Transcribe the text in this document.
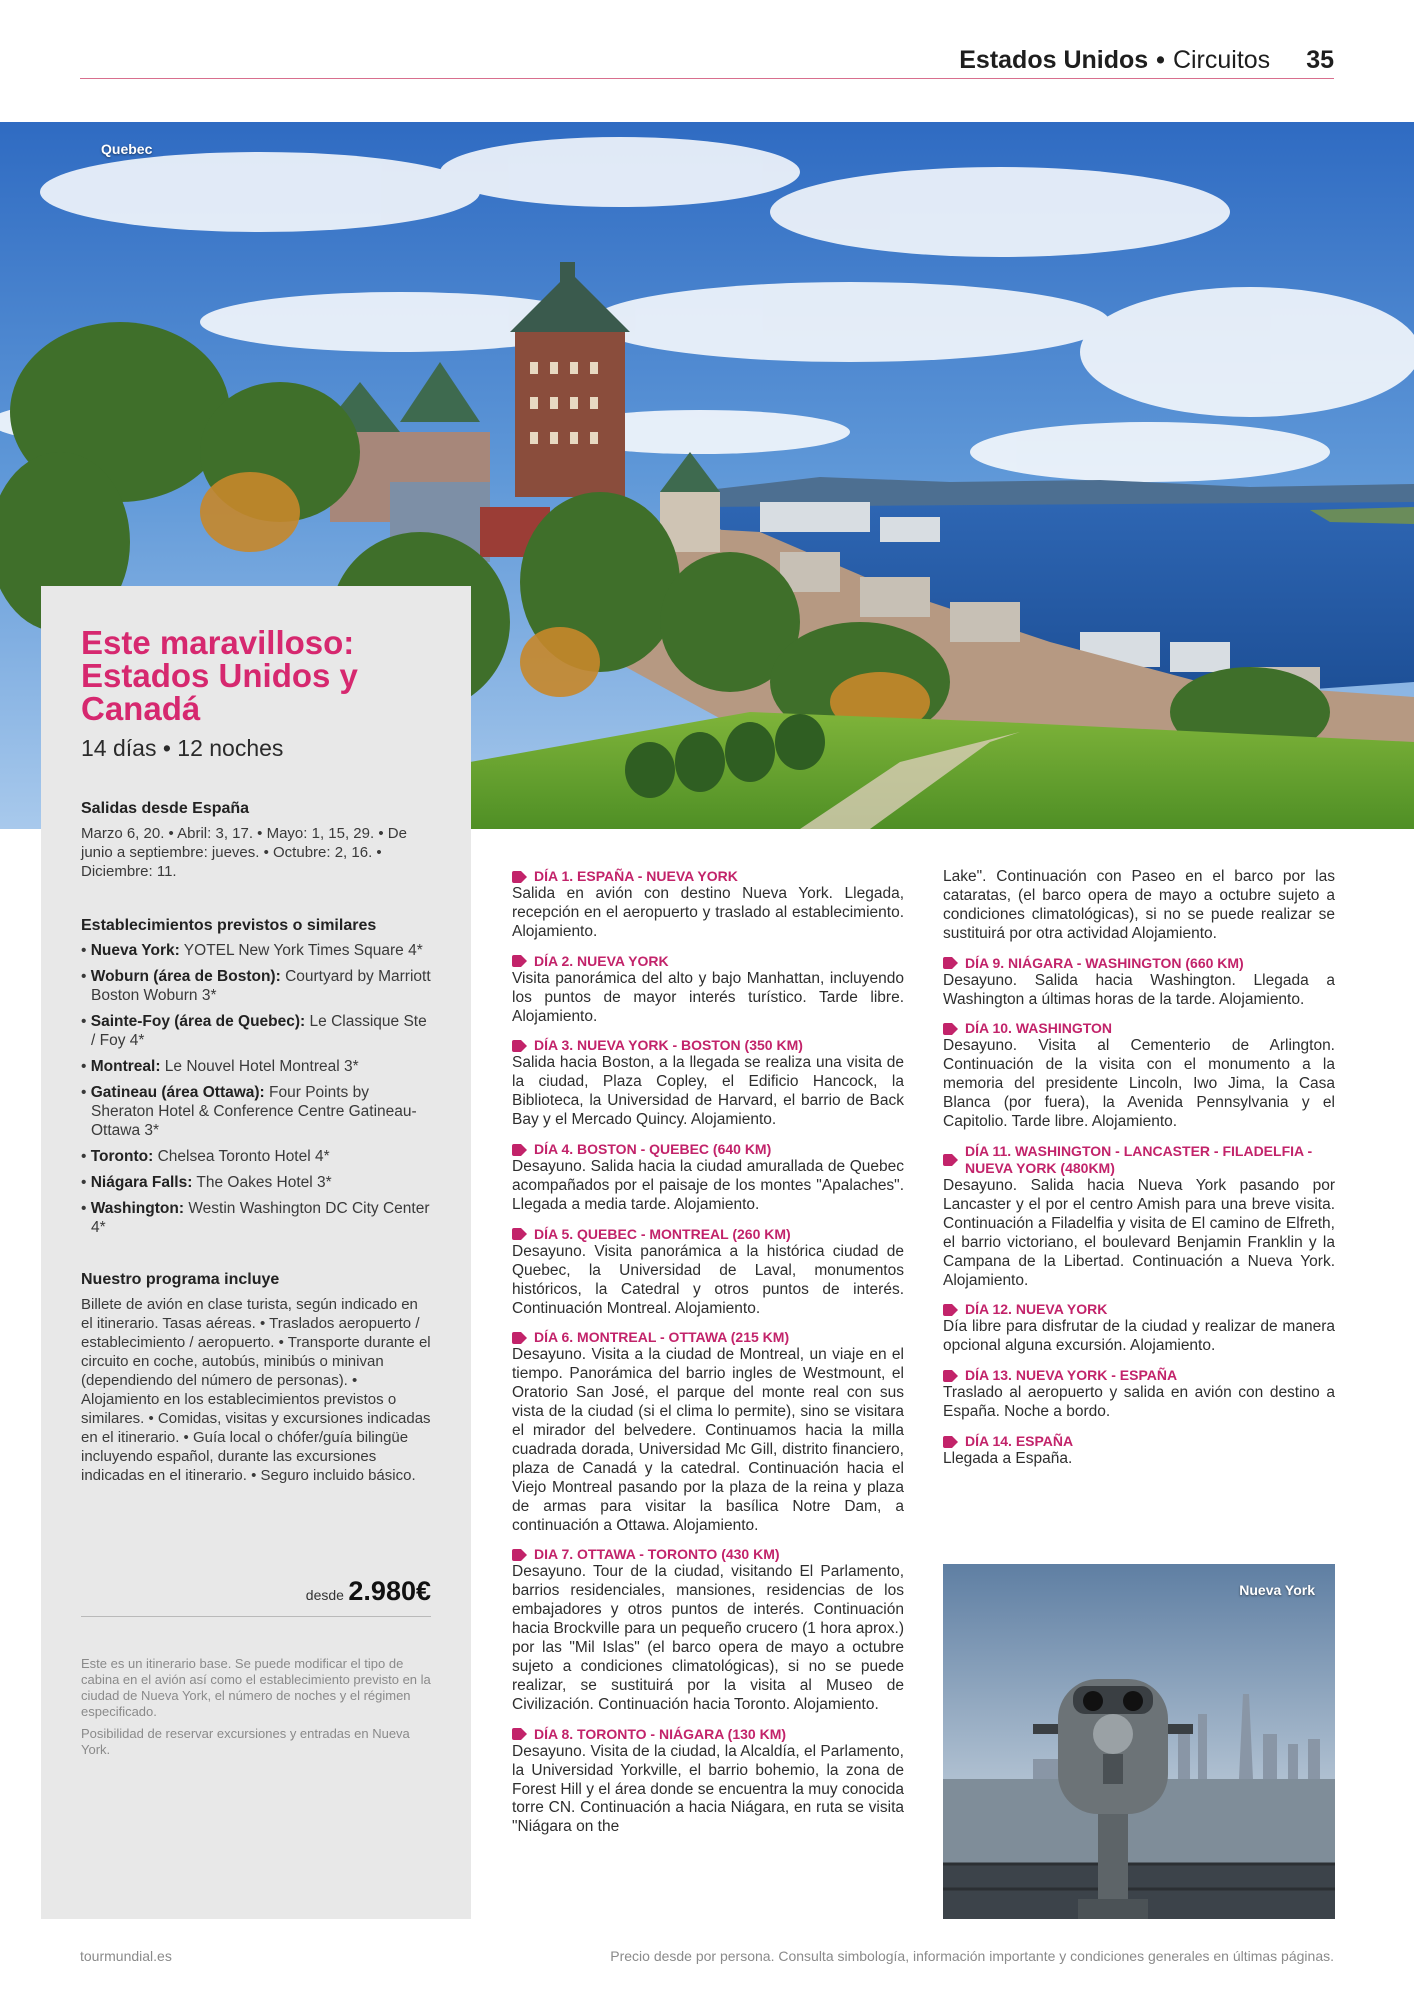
Estados Unidos • Circuitos 35
Quebec
Este maravilloso: Estados Unidos y Canadá
14 días • 12 noches
Salidas desde España
Marzo 6, 20. • Abril: 3, 17. • Mayo: 1, 15, 29. • De junio a septiembre: jueves. • Octubre: 2, 16. • Diciembre: 11.
Establecimientos previstos o similares
• Nueva York: YOTEL New York Times Square 4*
• Woburn (área de Boston): Courtyard by Marriott Boston Woburn 3*
• Sainte-Foy (área de Quebec): Le Classique Ste / Foy 4*
• Montreal: Le Nouvel Hotel Montreal 3*
• Gatineau (área Ottawa): Four Points by Sheraton Hotel & Conference Centre Gatineau-Ottawa 3*
• Toronto: Chelsea Toronto Hotel 4*
• Niágara Falls: The Oakes Hotel 3*
• Washington: Westin Washington DC City Center 4*
Nuestro programa incluye
Billete de avión en clase turista, según indicado en el itinerario. Tasas aéreas. • Traslados aeropuerto / establecimiento / aeropuerto. • Transporte durante el circuito en coche, autobús, minibús o minivan (dependiendo del número de personas). • Alojamiento en los establecimientos previstos o similares. • Comidas, visitas y excursiones indicadas en el itinerario. • Guía local o chófer/guía bilingüe incluyendo español, durante las excursiones indicadas en el itinerario. • Seguro incluido básico.
desde 2.980€
Este es un itinerario base. Se puede modificar el tipo de cabina en el avión así como el establecimiento previsto en la ciudad de Nueva York, el número de noches y el régimen especificado.
Posibilidad de reservar excursiones y entradas en Nueva York.
DÍA 1. ESPAÑA - NUEVA YORK
Salida en avión con destino Nueva York. Llegada, recepción en el aeropuerto y traslado al establecimiento. Alojamiento.
DÍA 2. NUEVA YORK
Visita panorámica del alto y bajo Manhattan, incluyendo los puntos de mayor interés turístico. Tarde libre. Alojamiento.
DÍA 3. NUEVA YORK - BOSTON (350 KM)
Salida hacia Boston, a la llegada se realiza una visita de la ciudad, Plaza Copley, el Edificio Hancock, la Biblioteca, la Universidad de Harvard, el barrio de Back Bay y el Mercado Quincy. Alojamiento.
DÍA 4. BOSTON - QUEBEC (640 KM)
Desayuno. Salida hacia la ciudad amurallada de Quebec acompañados por el paisaje de los montes "Apalaches". Llegada a media tarde. Alojamiento.
DÍA 5. QUEBEC - MONTREAL (260 KM)
Desayuno. Visita panorámica a la histórica ciudad de Quebec, la Universidad de Laval, monumentos históricos, la Catedral y otros puntos de interés. Continuación Montreal. Alojamiento.
DÍA 6. MONTREAL - OTTAWA (215 KM)
Desayuno. Visita a la ciudad de Montreal, un viaje en el tiempo. Panorámica del barrio ingles de Westmount, el Oratorio San José, el parque del monte real con sus vista de la ciudad (si el clima lo permite), sino se visitara el mirador del belvedere. Continuamos hacia la milla cuadrada dorada, Universidad Mc Gill, distrito financiero, plaza de Canadá y la catedral. Continuación hacia el Viejo Montreal pasando por la plaza de la reina y plaza de armas para visitar la basílica Notre Dam, a continuación a Ottawa. Alojamiento.
DIA 7. OTTAWA - TORONTO (430 KM)
Desayuno. Tour de la ciudad, visitando El Parlamento, barrios residenciales, mansiones, residencias de los embajadores y otros puntos de interés. Continuación hacia Brockville para un pequeño crucero (1 hora aprox.) por las "Mil Islas" (el barco opera de mayo a octubre sujeto a condiciones climatológicas), si no se puede realizar, se sustituirá por la visita al Museo de Civilización. Continuación hacia Toronto. Alojamiento.
DÍA 8. TORONTO - NIÁGARA (130 KM)
Desayuno. Visita de la ciudad, la Alcaldía, el Parlamento, la Universidad Yorkville, el barrio bohemio, la zona de Forest Hill y el área donde se encuentra la muy conocida torre CN. Continuación a hacia Niágara, en ruta se visita "Niágara on the
Lake". Continuación con Paseo en el barco por las cataratas, (el barco opera de mayo a octubre sujeto a condiciones climatológicas), si no se puede realizar se sustituirá por otra actividad Alojamiento.
DÍA 9. NIÁGARA - WASHINGTON (660 KM)
Desayuno. Salida hacia Washington. Llegada a Washington a últimas horas de la tarde. Alojamiento.
DÍA 10. WASHINGTON
Desayuno. Visita al Cementerio de Arlington. Continuación de la visita con el monumento a la memoria del presidente Lincoln, Iwo Jima, la Casa Blanca (por fuera), la Avenida Pennsylvania y el Capitolio. Tarde libre. Alojamiento.
DÍA 11. WASHINGTON - LANCASTER - FILADELFIA - NUEVA YORK (480KM)
Desayuno. Salida hacia Nueva York pasando por Lancaster y el por el centro Amish para una breve visita. Continuación a Filadelfia y visita de El camino de Elfreth, el barrio victoriano, el boulevard Benjamin Franklin y la Campana de la Libertad. Continuación a Nueva York. Alojamiento.
DÍA 12. NUEVA YORK
Día libre para disfrutar de la ciudad y realizar de manera opcional alguna excursión. Alojamiento.
DÍA 13. NUEVA YORK - ESPAÑA
Traslado al aeropuerto y salida en avión con destino a España. Noche a bordo.
DÍA 14. ESPAÑA
Llegada a España.
Nueva York
tourmundial.es	Precio desde por persona. Consulta simbología, información importante y condiciones generales en últimas páginas.
